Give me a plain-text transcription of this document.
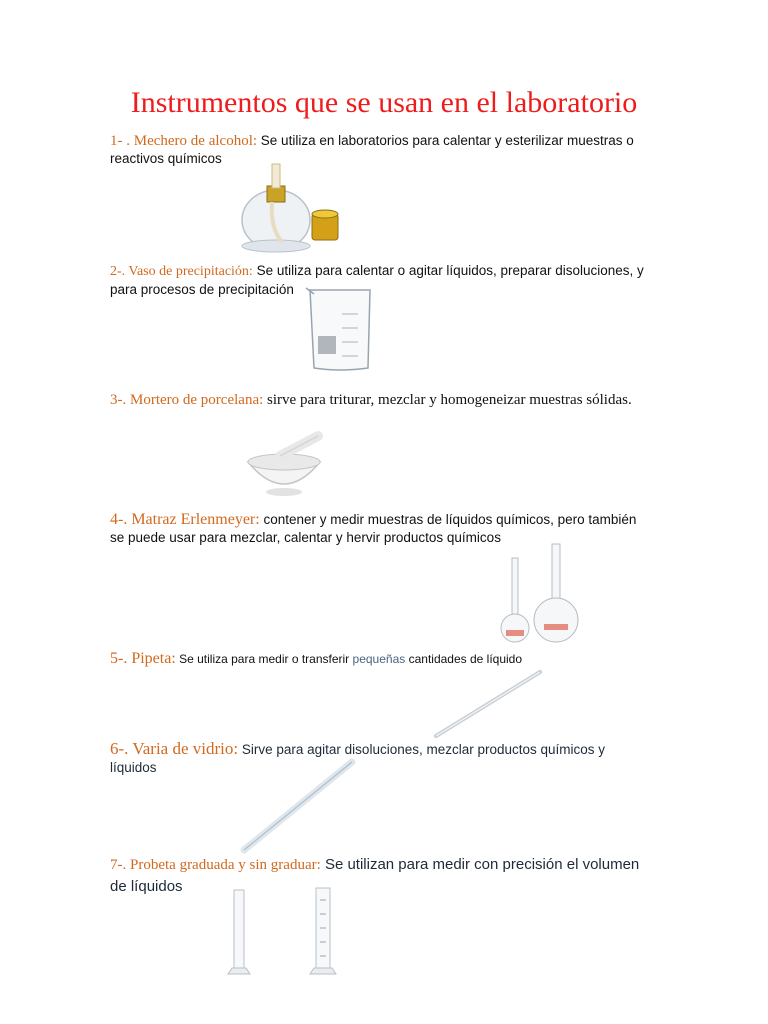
Instrumentos que se usan en el laboratorio
1- . Mechero de alcohol: Se utiliza en laboratorios para calentar y esterilizar muestras o reactivos químicos
2-. Vaso de precipitación: Se utiliza para calentar o agitar líquidos, preparar disoluciones, y para procesos de precipitación
3-. Mortero de porcelana: sirve para triturar, mezclar y homogeneizar muestras sólidas.
4-. Matraz Erlenmeyer: contener y medir muestras de líquidos químicos, pero también se puede usar para mezclar, calentar y hervir productos químicos
5-. Pipeta: Se utiliza para medir o transferir pequeñas cantidades de líquido
6-. Varia de vidrio: Sirve para agitar disoluciones, mezclar productos químicos y líquidos
7-. Probeta graduada y sin graduar: Se utilizan para medir con precisión el volumen de líquidos
